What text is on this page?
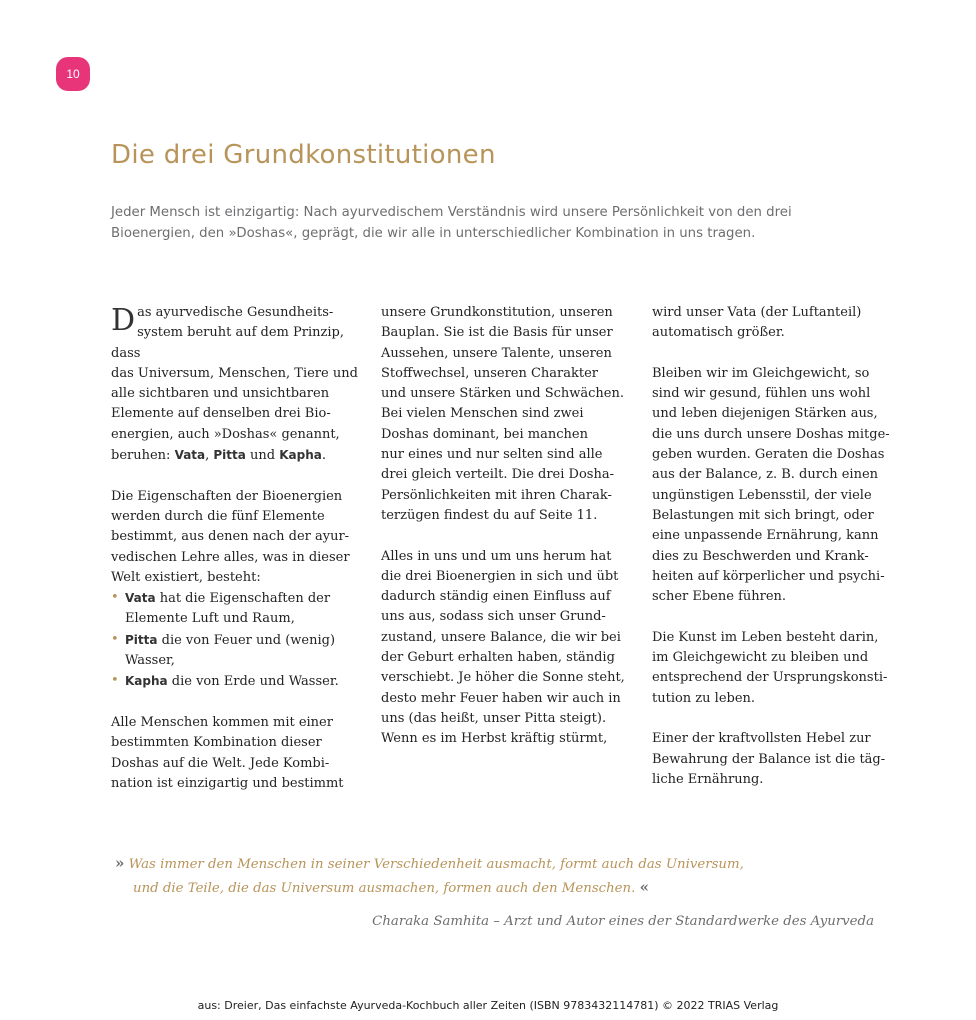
10
Die drei Grundkonstitutionen

Jeder Mensch ist einzigartig: Nach ayurvedischem Verständnis wird unsere Persönlichkeit von den drei
Bioenergien, den »Doshas«, geprägt, die wir alle in unterschiedlicher Kombination in uns tragen.

D as ayurvedische Gesundheits-
system beruht auf dem Prinzip, dass
das Universum, Menschen, Tiere und
alle sichtbaren und unsichtbaren
Elemente auf denselben drei Bio-
energien, auch »Doshas« genannt,
beruhen: Vata, Pitta und Kapha.

Die Eigenschaften der Bioenergien
werden durch die fünf Elemente
bestimmt, aus denen nach der ayur-
vedischen Lehre alles, was in dieser
Welt existiert, besteht:

• Vata hat die Eigenschaften der
Elemente Luft und Raum,
• Pitta die von Feuer und (wenig)
Wasser,
• Kapha die von Erde und Wasser.

Alle Menschen kommen mit einer
bestimmten Kombination dieser
Doshas auf die Welt. Jede Kombi-
nation ist einzigartig und bestimmt

unsere Grundkonstitution, unseren
Bauplan. Sie ist die Basis für unser
Aussehen, unsere Talente, unseren
Stoffwechsel, unseren Charakter
und unsere Stärken und Schwächen.
Bei vielen Menschen sind zwei
Doshas dominant, bei manchen
nur eines und nur selten sind alle
drei gleich verteilt. Die drei Dosha-
Persönlichkeiten mit ihren Charak-
terzügen findest du auf Seite 11.

Alles in uns und um uns herum hat
die drei Bioenergien in sich und übt
dadurch ständig einen Einfluss auf
uns aus, sodass sich unser Grund-
zustand, unsere Balance, die wir bei
der Geburt erhalten haben, ständig
verschiebt. Je höher die Sonne steht,
desto mehr Feuer haben wir auch in
uns (das heißt, unser Pitta steigt).
Wenn es im Herbst kräftig stürmt,

wird unser Vata (der Luftanteil)
automatisch größer.

Bleiben wir im Gleichgewicht, so
sind wir gesund, fühlen uns wohl
und leben diejenigen Stärken aus,
die uns durch unsere Doshas mitge-
geben wurden. Geraten die Doshas
aus der Balance, z. B. durch einen
ungünstigen Lebensstil, der viele
Belastungen mit sich bringt, oder
eine unpassende Ernährung, kann
dies zu Beschwerden und Krank-
heiten auf körperlicher und psychi-
scher Ebene führen.

Die Kunst im Leben besteht darin,
im Gleichgewicht zu bleiben und
entsprechend der Ursprungskonsti-
tution zu leben.

Einer der kraftvollsten Hebel zur
Bewahrung der Balance ist die täg-
liche Ernährung.

» Was immer den Menschen in seiner Verschiedenheit ausmacht, formt auch das Universum,
und die Teile, die das Universum ausmachen, formen auch den Menschen. «
Charaka Samhita – Arzt und Autor eines der Standardwerke des Ayurveda
aus: Dreier, Das einfachste Ayurveda-Kochbuch aller Zeiten (ISBN 9783432114781) © 2022 TRIAS Verlag
